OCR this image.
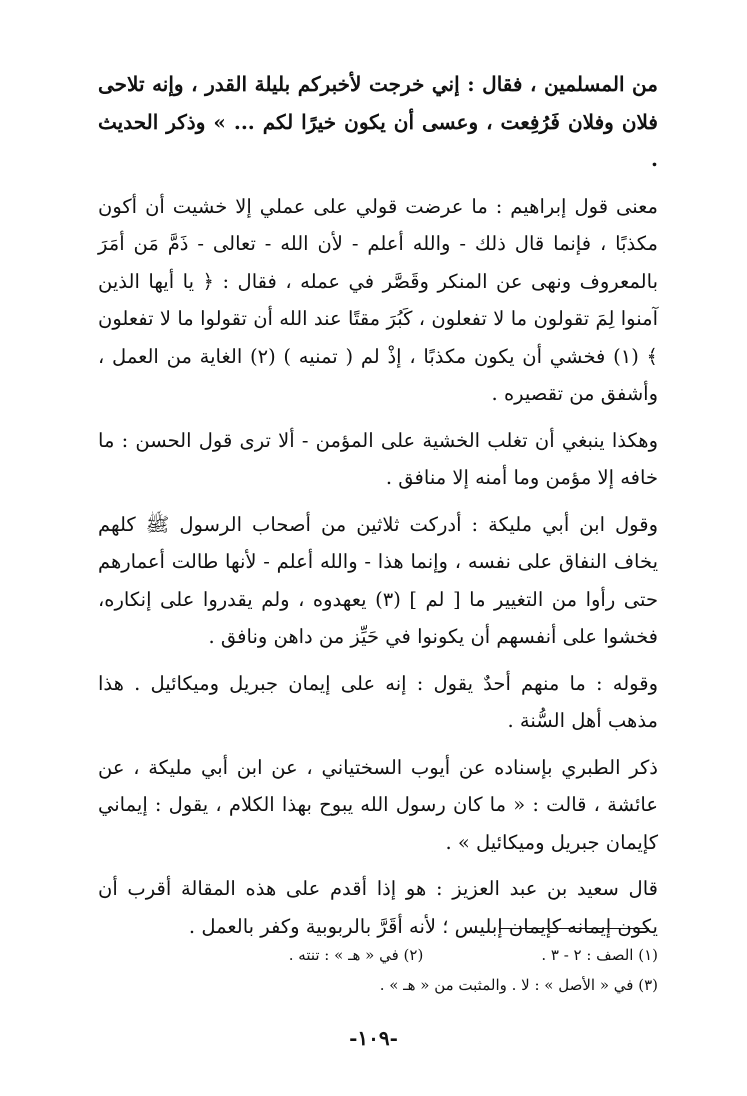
من المسلمين ، فقال : إني خرجت لأخبركم بليلة القدر ، وإنه تلاحى فلان وفلان فَرُفِعت ، وعسى أن يكون خيرًا لكم ... » وذكر الحديث .

معنى قول إبراهيم : ما عرضت قولي على عملي إلا خشيت أن أكون مكذبًا ، فإنما قال ذلك - والله أعلم - لأن الله - تعالى - ذَمَّ مَن أمَرَ بالمعروف ونهى عن المنكر وقَصَّر في عمله ، فقال : ﴿ يا أيها الذين آمنوا لِمَ تقولون ما لا تفعلون ، كَبُرَ مقتًا عند الله أن تقولوا ما لا تفعلون ﴾ (١) فخشي أن يكون مكذبًا ، إذْ لم ( تمنيه ) (٢) الغاية من العمل ، وأشفق من تقصيره .

وهكذا ينبغي أن تغلب الخشية على المؤمن - ألا ترى قول الحسن : ما خافه إلا مؤمن وما أمنه إلا منافق .

وقول ابن أبي مليكة : أدركت ثلاثين من أصحاب الرسول ﷺ كلهم يخاف النفاق على نفسه ، وإنما هذا - والله أعلم - لأنها طالت أعمارهم حتى رأوا من التغيير ما [ لم ] (٣) يعهدوه ، ولم يقدروا على إنكاره، فخشوا على أنفسهم أن يكونوا في حَيِّز من داهن ونافق .

وقوله : ما منهم أحدٌ يقول : إنه على إيمان جبريل وميكائيل . هذا مذهب أهل السُّنة .

ذكر الطبري بإسناده عن أيوب السختياني ، عن ابن أبي مليكة ، عن عائشة ، قالت : « ما كان رسول الله يبوح بهذا الكلام ، يقول : إيماني كإيمان جبريل وميكائيل » .

قال سعيد بن عبد العزيز : هو إذا أقدم على هذه المقالة أقرب أن يكون إيمانه كإيمان إبليس ؛ لأنه أقَرَّ بالربوبية وكفر بالعمل .

(١) الصف : ٢ - ٣ .
(٢) في « هـ » : تنته .
(٣) في « الأصل » : لا . والمثبت من « هـ » .
-١٠٩-
